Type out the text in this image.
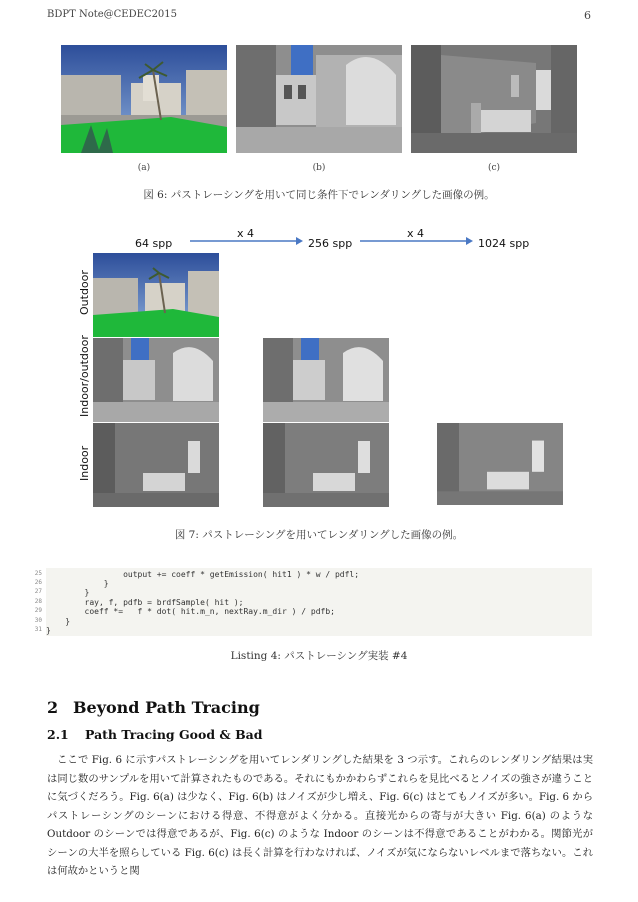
BDPT Note@CEDEC2015	6
(a)	(b)	(c)
図 6: パストレーシングを用いて同じ条件下でレンダリングした画像の例。
64 spp	256 spp	1024 spp
x 4	x 4
Outdoor
Indoor/outdoor
Indoor
図 7: パストレーシングを用いてレンダリングした画像の例。
25 output += coeff * getEmission( hit1 ) * w / pdfl;
26 }
27 }
28 ray, f, pdfb = brdfSample( hit );
29 coeff *=   f * dot( hit.m_n, nextRay.m_dir ) / pdfb;
30 }
31 }
Listing 4: パストレーシング実装 #4
2 Beyond Path Tracing
2.1 Path Tracing Good & Bad
ここで Fig. 6 に示すパストレーシングを用いてレンダリングした結果を 3 つ示す。これらのレンダリング結果は実は同じ数のサンプルを用いて計算されたものである。それにもかかわらずこれらを見比べるとノイズの強さが違うことに気づくだろう。Fig. 6(a) は少なく、Fig. 6(b) はノイズが少し増え、Fig. 6(c) はとてもノイズが多い。Fig. 6 からパストレーシングのシーンにおける得意、不得意がよく分かる。直接光からの寄与が大きい Fig. 6(a) のような Outdoor のシーンでは得意であるが、Fig. 6(c) のような Indoor のシーンは不得意であることがわかる。関節光がシーンの大半を照らしている Fig. 6(c) は長く計算を行わなければ、ノイズが気にならないレベルまで落ちない。これは何故かというと関
